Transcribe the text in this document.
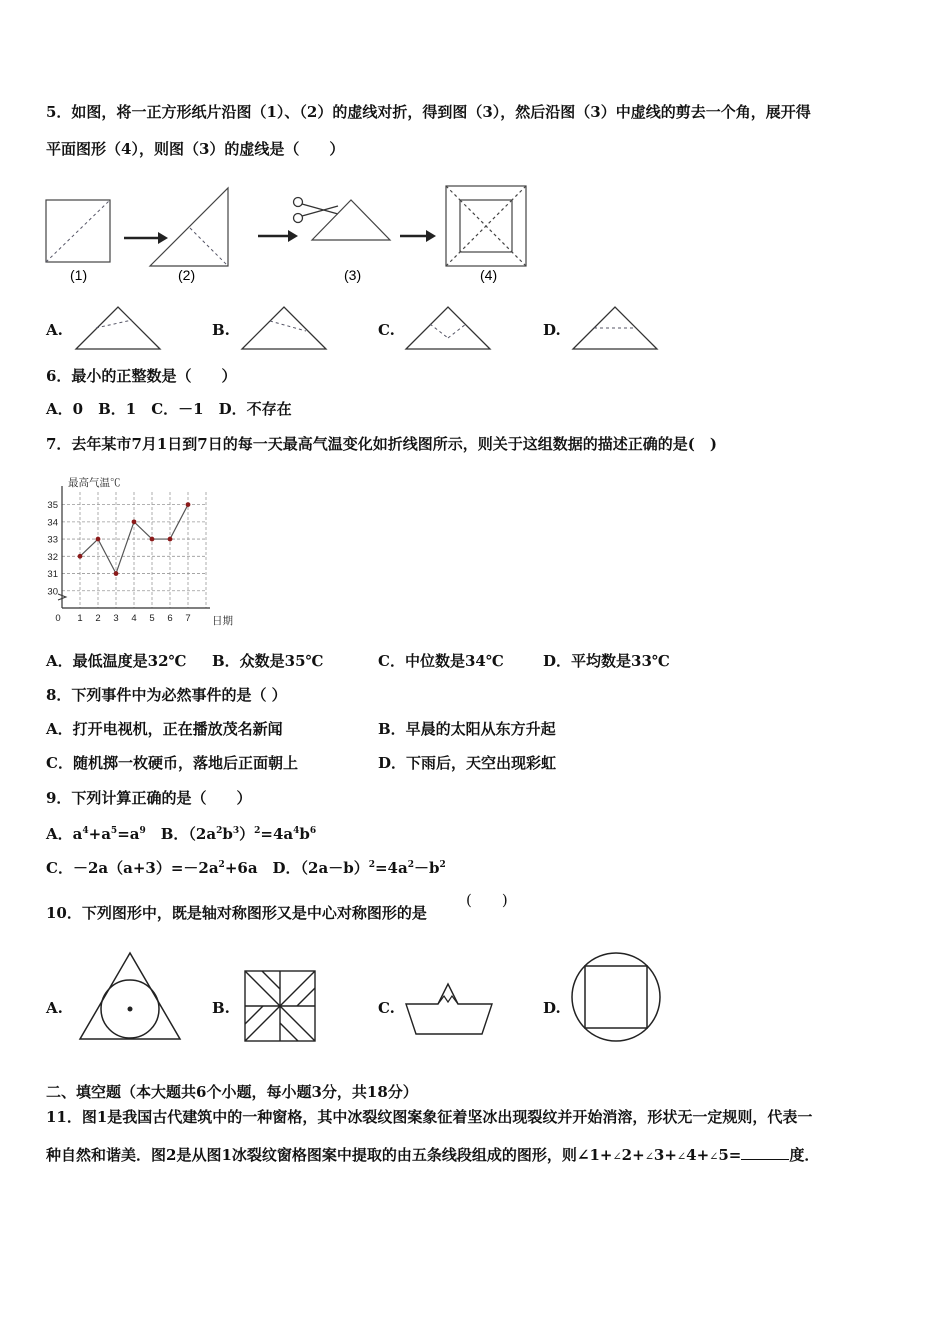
5．如图，将一正方形纸片沿图（1）、（2）的虚线对折，得到图（3），然后沿图（3）中虚线的剪去一个角，展开得
平面图形（4），则图（3）的虚线是（　　）
(1)	(2)	(3)	(4)
A.	B.	C.	D.
6．最小的正整数是（　　）
A．0　B．1　C．－1　D．不存在
7．去年某市7月1日到7日的每一天最高气温变化如折线图所示，则关于这组数据的描述正确的是(　)
最高气温℃
日期
30
31
32
33
34
35
0 1 2 3 4 5 6 7
A．最低温度是32℃ B．众数是35℃	C．中位数是34℃	D．平均数是33℃
8．下列事件中为必然事件的是（ ）
A．打开电视机，正在播放茂名新闻	B．早晨的太阳从东方升起
C．随机掷一枚硬币，落地后正面朝上	D．下雨后，天空出现彩虹
9．下列计算正确的是（　　）
A．$a^4+a^5=a^9$　B．$(2a^2b^3)^2=4a^4b^6$
C．$-2a(a+3)=-2a^2+6a$　D．$(2a-b)^2=4a^2-b^2$
10．下列图形中，既是轴对称图形又是中心对称图形的是
(　　)
A.	B.	C.	D.
二、填空题（本大题共6个小题，每小题3分，共18分）
11．图1是我国古代建筑中的一种窗格，其中冰裂纹图案象征着坚冰出现裂纹并开始消溶，形状无一定规则，代表一
种自然和谐美．图2是从图1冰裂纹窗格图案中提取的由五条线段组成的图形，则∠1+∠2+∠3+∠4+∠5=	度．
